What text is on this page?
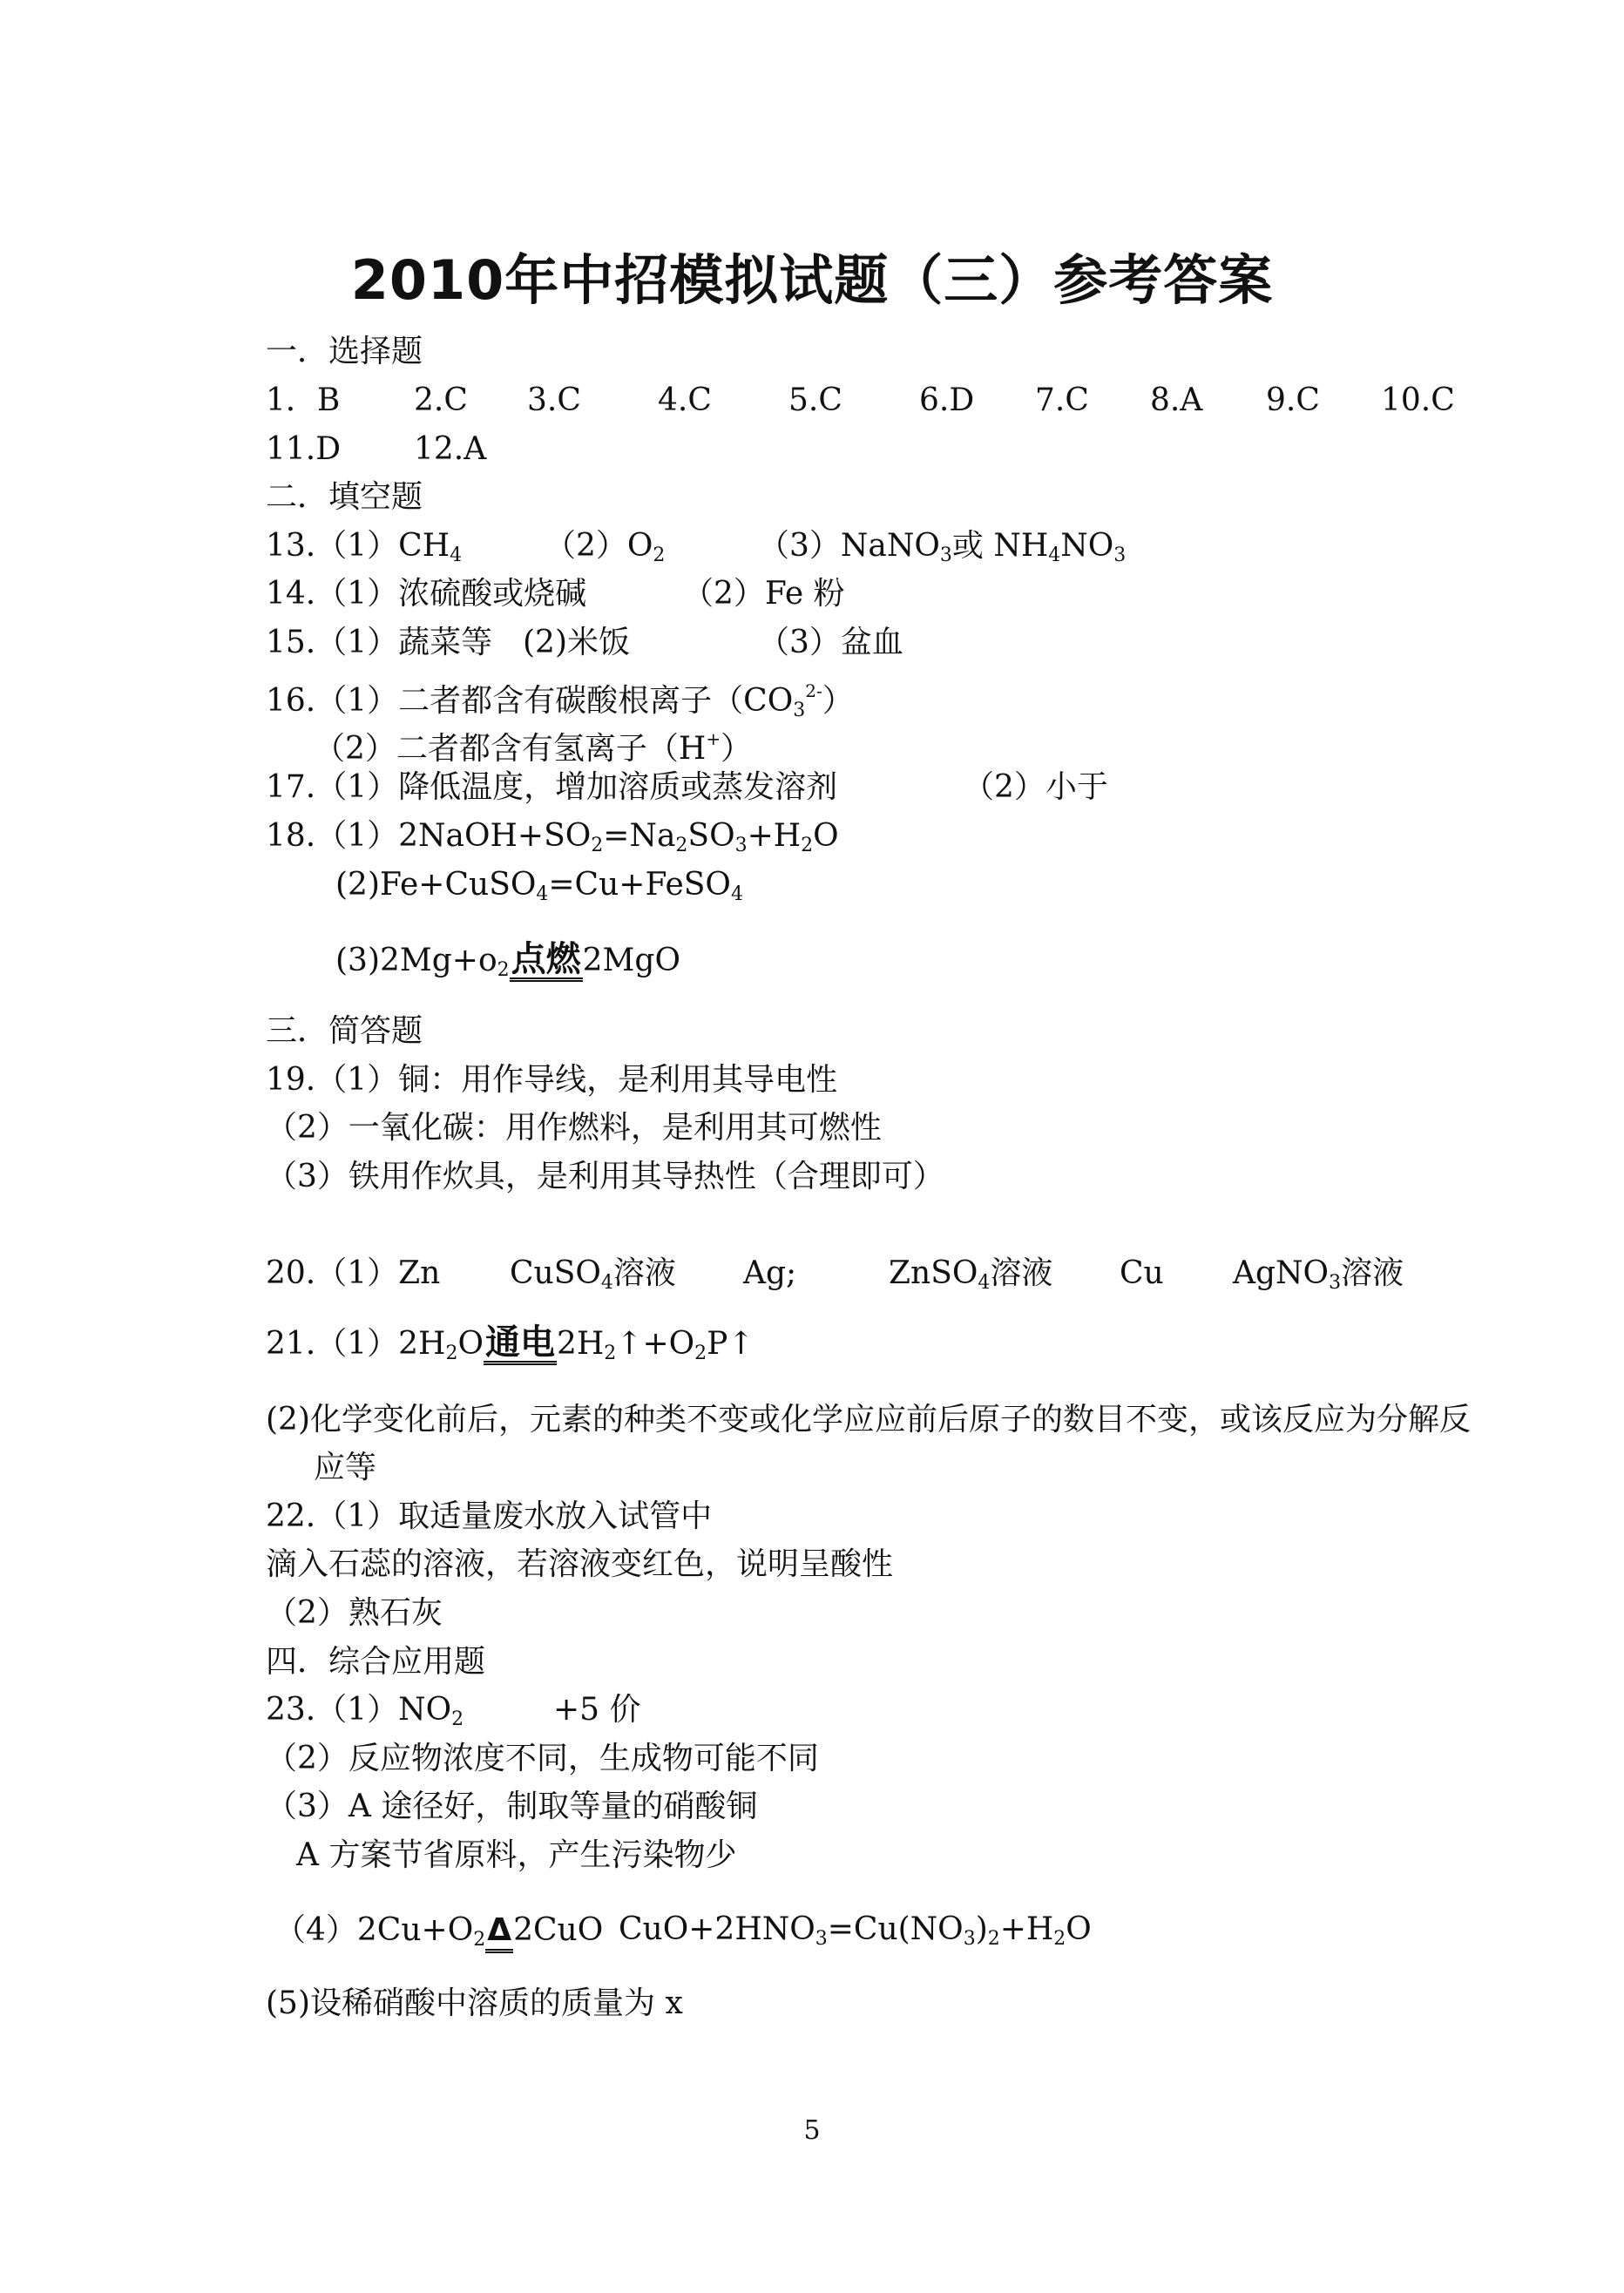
2010年中招模拟试题（三）参考答案
一．选择题
1．B 2.C 3.C 4.C 5.C 6.D 7.C 8.A 9.C 10.C
11.D 12.A
二．填空题
13.（1）CH4	（2）O2	（3）NaNO3或 NH4NO3
14.（1）浓硫酸或烧碱	（2）Fe 粉
15.（1）蔬菜等 (2)米饭	（3）盆血
16.（1）二者都含有碳酸根离子（CO32-）
（2）二者都含有氢离子（H+）
17.（1）降低温度，增加溶质或蒸发溶剂	（2）小于
18.（1）2NaOH+SO2=Na2SO3+H2O
(2)Fe+CuSO4=Cu+FeSO4
(3)2Mg+o2点燃2MgO
三．简答题
19.（1）铜：用作导线，是利用其导电性
（2）一氧化碳：用作燃料，是利用其可燃性
（3）铁用作炊具，是利用其导热性（合理即可）
20.（1）Zn CuSO4溶液 Ag;	ZnSO4溶液 Cu AgNO3溶液
21.（1）2H2O通电2H2↑+O2P↑
(2)化学变化前后，元素的种类不变或化学应应前后原子的数目不变，或该反应为分解反
应等
22.（1）取适量废水放入试管中
滴入石蕊的溶液，若溶液变红色，说明呈酸性
（2）熟石灰
四．综合应用题
23.（1）NO2	+5 价
（2）反应物浓度不同，生成物可能不同
（3）A 途径好，制取等量的硝酸铜
A 方案节省原料，产生污染物少
（4）2Cu+O2Δ2CuO CuO+2HNO3=Cu(NO3)2+H2O
(5)设稀硝酸中溶质的质量为 x
5
